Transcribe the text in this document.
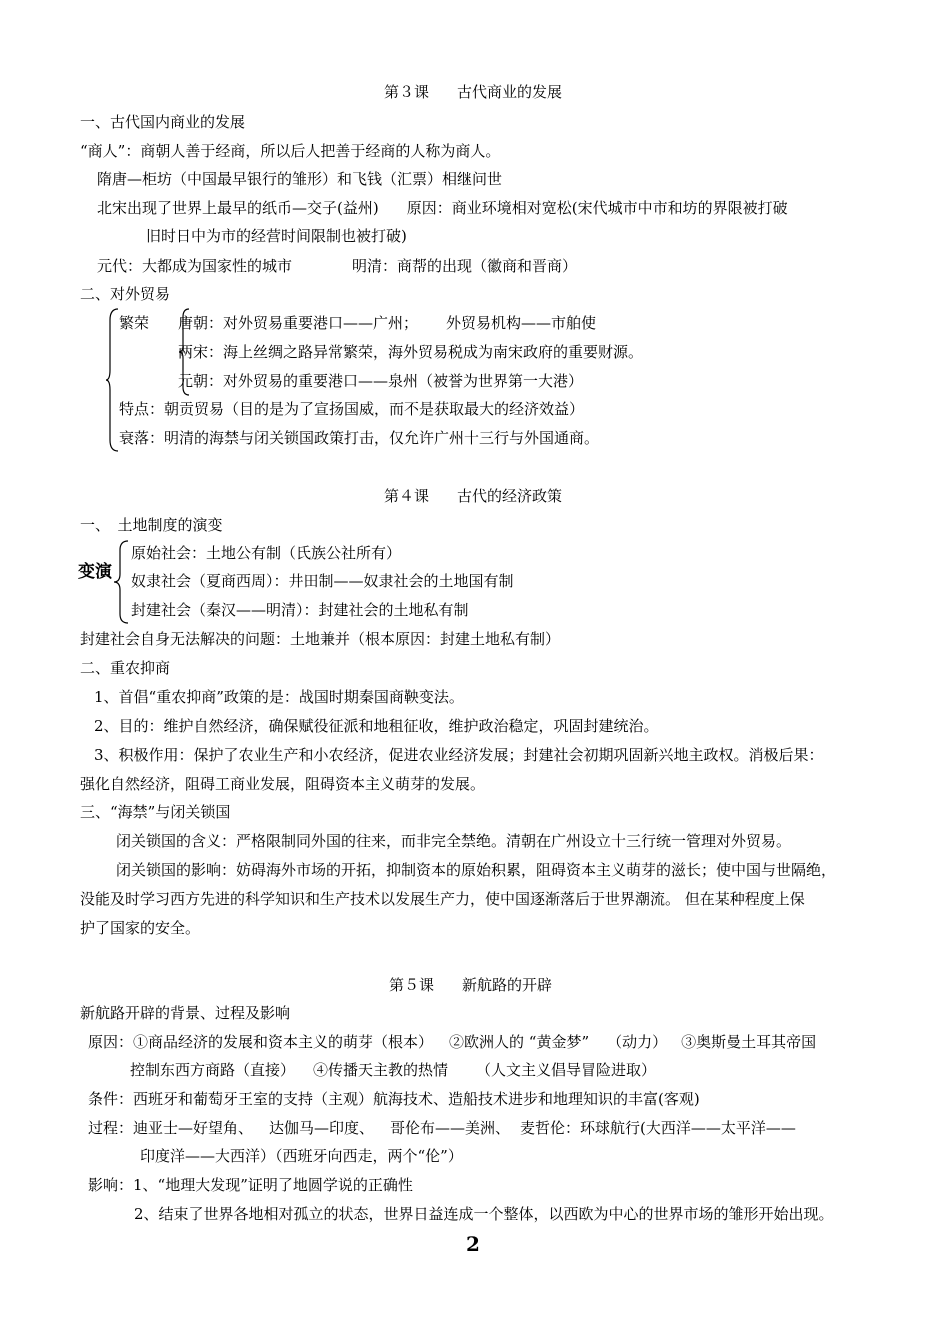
第３课 古代商业的发展
一、古代国内商业的发展
“商人”：商朝人善于经商，所以后人把善于经商的人称为商人。
隋唐—柜坊（中国最早银行的雏形）和飞钱（汇票）相继问世
北宋出现了世界上最早的纸币—交子(益州) 原因：商业环境相对宽松(宋代城市中市和坊的界限被打破
旧时日中为市的经营时间限制也被打破)
元代：大都成为国家性的城市	明清：商帮的出现（徽商和晋商）
二、对外贸易
繁荣 唐朝：对外贸易重要港口——广州； 外贸易机构——市舶使
两宋：海上丝绸之路异常繁荣，海外贸易税成为南宋政府的重要财源。
元朝：对外贸易的重要港口——泉州（被誉为世界第一大港）
特点：朝贡贸易（目的是为了宣扬国威，而不是获取最大的经济效益）
衰落：明清的海禁与闭关锁国政策打击，仅允许广州十三行与外国通商。
第４课 古代的经济政策
一、　土地制度的演变
变演
原始社会：土地公有制（氏族公社所有）
奴隶社会（夏商西周）：井田制——奴隶社会的土地国有制
封建社会（秦汉——明清）：封建社会的土地私有制
封建社会自身无法解决的问题：土地兼并（根本原因：封建土地私有制）
二、重农抑商
1、首倡“重农抑商”政策的是：战国时期秦国商鞅变法。
2、目的：维护自然经济，确保赋役征派和地租征收，维护政治稳定，巩固封建统治。
3、积极作用：保护了农业生产和小农经济，促进农业经济发展；封建社会初期巩固新兴地主政权。消极后果：
强化自然经济，阻碍工商业发展，阻碍资本主义萌芽的发展。
三、“海禁”与闭关锁国
闭关锁国的含义：严格限制同外国的往来，而非完全禁绝。清朝在广州设立十三行统一管理对外贸易。
闭关锁国的影响：妨碍海外市场的开拓，抑制资本的原始积累，阻碍资本主义萌芽的滋长；使中国与世隔绝，
没能及时学习西方先进的科学知识和生产技术以发展生产力，使中国逐渐落后于世界潮流。 但在某种程度上保
护了国家的安全。
第５课 新航路的开辟
新航路开辟的背景、过程及影响
原因：①商品经济的发展和资本主义的萌芽（根本） ②欧洲人的 “黄金梦” （动力） ③奥斯曼土耳其帝国
控制东西方商路（直接） ④传播天主教的热情 （人文主义倡导冒险进取）
条件：西班牙和葡萄牙王室的支持（主观）航海技术、造船技术进步和地理知识的丰富(客观)
过程：迪亚士—好望角、 达伽马—印度、 哥伦布——美洲、 麦哲伦：环球航行(大西洋——太平洋——
印度洋——大西洋）（西班牙向西走，两个“伦”）
影响：1、“地理大发现”证明了地圆学说的正确性
2、结束了世界各地相对孤立的状态，世界日益连成一个整体，以西欧为中心的世界市场的雏形开始出现。
2
